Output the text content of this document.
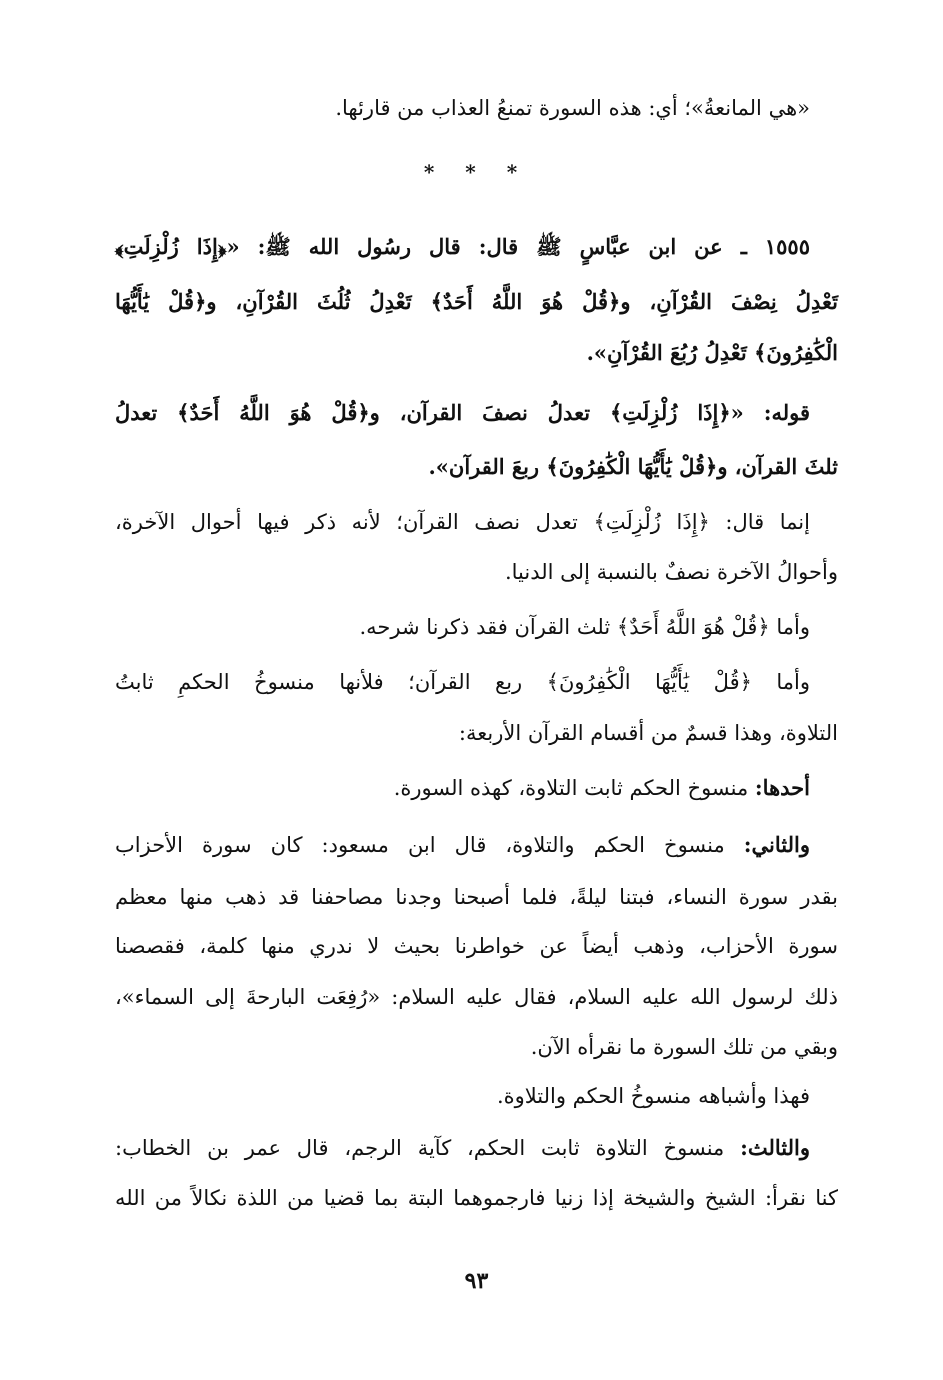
«هي المانعةُ»؛ أي: هذه السورة تمنعُ العذاب من قارئها.
* * *
١٥٥٥ ـ عن ابن عبَّاسٍ ﷺ قال: قال رسُول الله ﷺ: «﴿إِذَا زُلْزِلَتِ﴾
تَعْدِلُ نِصْفَ القُرْآنِ، و﴿قُلْ هُوَ اللَّهُ أَحَدٌ﴾ تَعْدِلُ ثُلُثَ القُرْآنِ، و﴿قُلْ يَٰأَيُّهَا
الْكَٰفِرُونَ﴾ تَعْدِلُ رُبُعَ القُرْآنِ».
قوله: «﴿إِذَا زُلْزِلَتِ﴾ تعدلُ نصفَ القرآن، و﴿قُلْ هُوَ اللَّهُ أَحَدٌ﴾ تعدلُ
ثلثَ القرآن، و﴿قُلْ يَٰأَيُّهَا الْكَٰفِرُونَ﴾ ربعَ القرآن».
إنما قال: ﴿إِذَا زُلْزِلَتِ﴾ تعدل نصف القرآن؛ لأنه ذكر فيها أحوال الآخرة،
وأحوالُ الآخرة نصفٌ بالنسبة إلى الدنيا.
وأما ﴿قُلْ هُوَ اللَّهُ أَحَدٌ﴾ ثلث القرآن فقد ذكرنا شرحه.
وأما ﴿قُلْ يَٰأَيُّهَا الْكَٰفِرُونَ﴾ ربع القرآن؛ فلأنها منسوخُ الحكمِ ثابتُ
التلاوة، وهذا قسمٌ من أقسام القرآن الأربعة:
أحدها: منسوخ الحكم ثابت التلاوة، كهذه السورة.
والثاني: منسوخ الحكم والتلاوة، قال ابن مسعود: كان سورة الأحزاب
بقدر سورة النساء، فبتنا ليلةً، فلما أصبحنا وجدنا مصاحفنا قد ذهب منها معظم
سورة الأحزاب، وذهب أيضاً عن خواطرنا بحيث لا ندري منها كلمة، فقصصنا
ذلك لرسول الله عليه السلام، فقال عليه السلام: «رُفِعَت البارحةَ إلى السماء»،
وبقي من تلك السورة ما نقرأه الآن.
فهذا وأشباهه منسوخُ الحكم والتلاوة.
والثالث: منسوخ التلاوة ثابت الحكم، كآية الرجم، قال عمر بن الخطاب:
كنا نقرأ: الشيخ والشيخة إذا زنيا فارجموهما البتة بما قضيا من اللذة نكالاً من الله
٩٣
